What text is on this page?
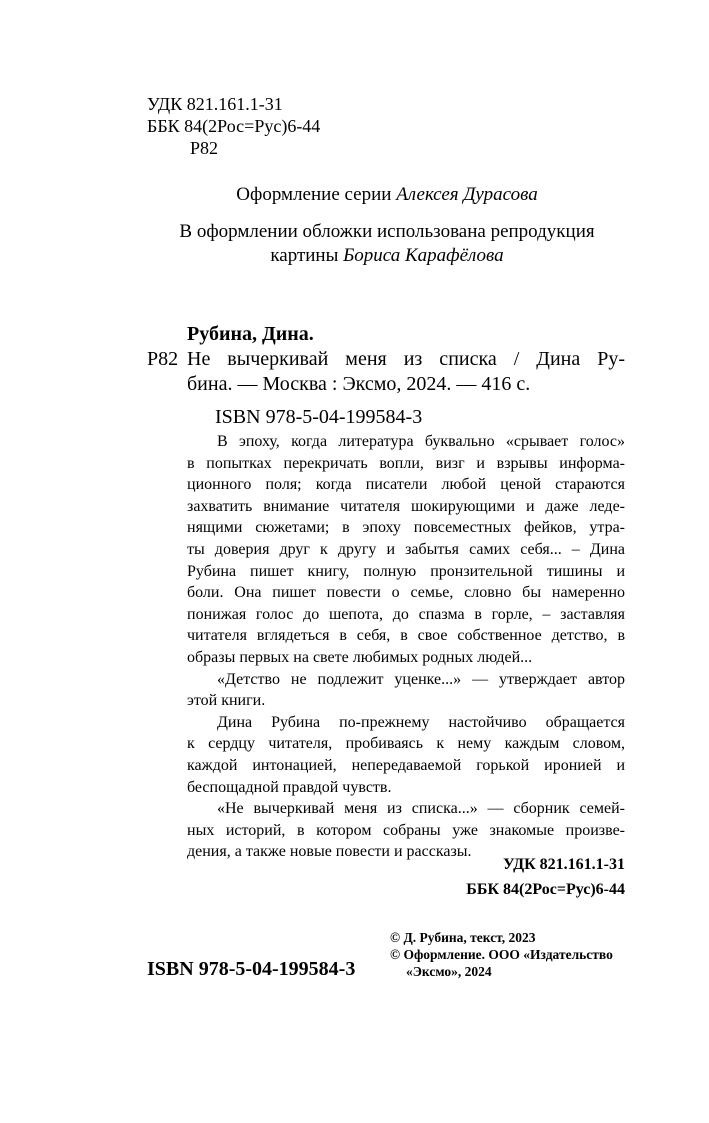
УДК 821.161.1-31
ББК 84(2Рос=Рус)6-44
Р82
Оформление серии Алексея Дурасова
В оформлении обложки использована репродукция
картины Бориса Карафёлова
Рубина, Дина.
Р82 Не вычеркивай меня из списка / Дина Ру-
бина. — Москва : Эксмо, 2024. — 416 с.
ISBN 978-5-04-199584-3
В эпоху, когда литература буквально «срывает голос»
в попытках перекричать вопли, визг и взрывы информа-
ционного поля; когда писатели любой ценой стараются
захватить внимание читателя шокирующими и даже леде-
нящими сюжетами; в эпоху повсеместных фейков, утра-
ты доверия друг к другу и забытья самих себя... – Дина
Рубина пишет книгу, полную пронзительной тишины и
боли. Она пишет повести о семье, словно бы намеренно
понижая голос до шепота, до спазма в горле, – заставляя
читателя вглядеться в себя, в свое собственное детство, в
образы первых на свете любимых родных людей...
«Детство не подлежит уценке...» — утверждает автор
этой книги.
Дина Рубина по-прежнему настойчиво обращается
к сердцу читателя, пробиваясь к нему каждым словом,
каждой интонацией, непередаваемой горькой иронией и
беспощадной правдой чувств.
«Не вычеркивай меня из списка...» — сборник семей-
ных историй, в котором собраны уже знакомые произве-
дения, а также новые повести и рассказы.
УДК 821.161.1-31
ББК 84(2Рос=Рус)6-44
ISBN 978-5-04-199584-3
© Д. Рубина, текст, 2023
© Оформление. ООО «Издательство
«Эксмо», 2024
